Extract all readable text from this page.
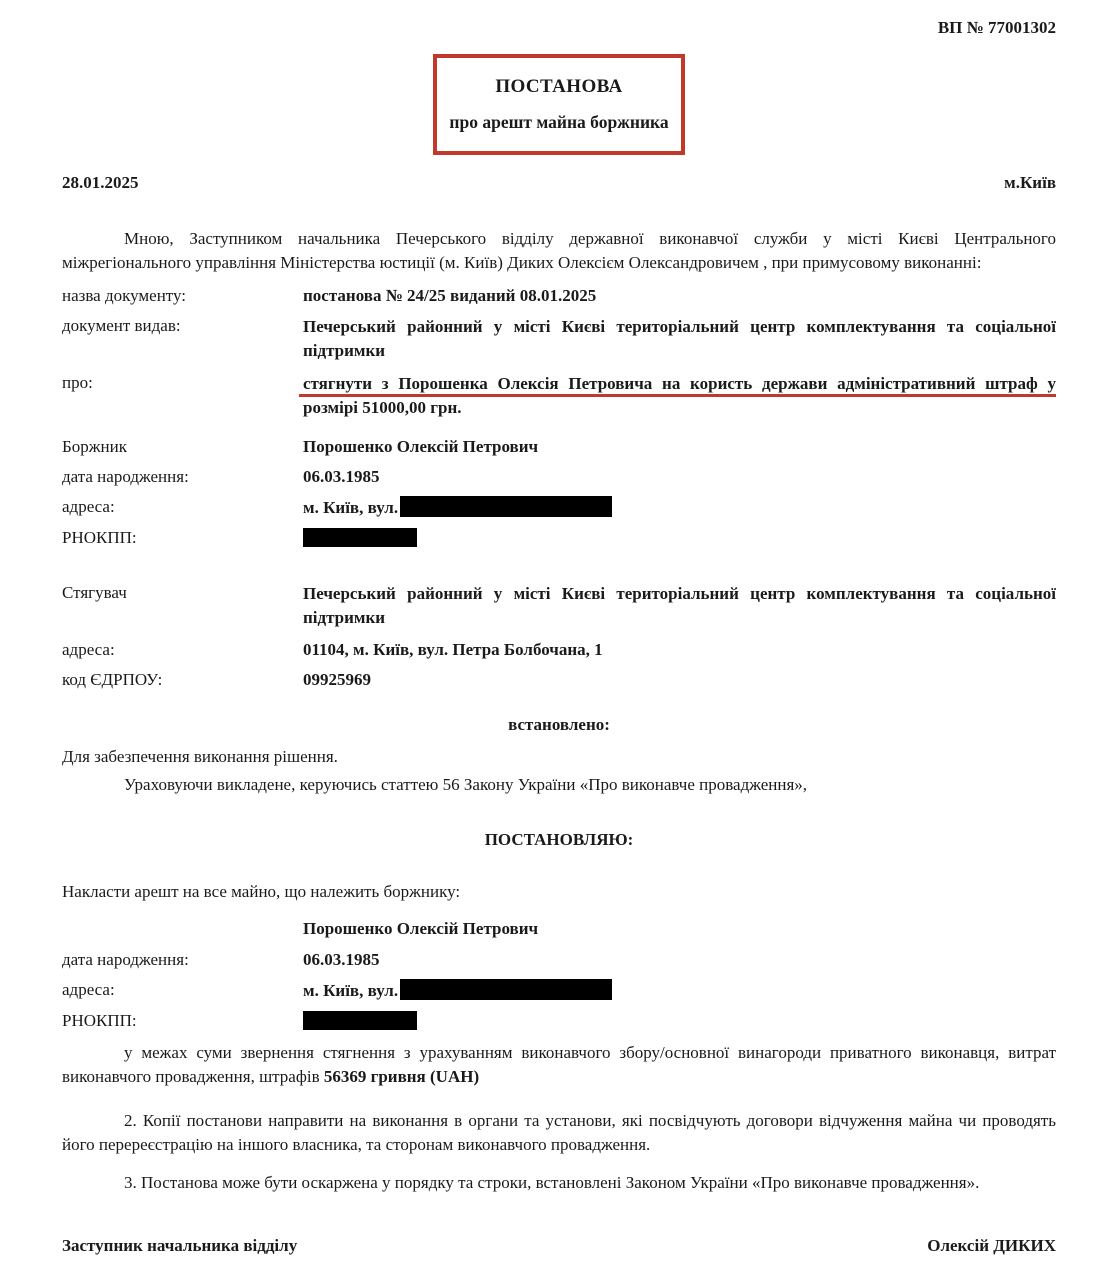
ВП № 77001302
ПОСТАНОВА
про арешт майна боржника
28.01.2025	м.Київ
Мною, Заступником начальника Печерського відділу державної виконавчої служби у місті Києві Центрального міжрегіонального управління Міністерства юстиції (м. Київ) Диких Олексієм Олександровичем , при примусовому виконанні:
назва документу:	постанова № 24/25 виданий 08.01.2025
документ видав:	Печерський районний у місті Києві територіальний центр комплектування та соціальної підтримки
про:	стягнути з Порошенка Олексія Петровича на користь держави адміністративний штраф у розмірі 51000,00 грн.
Боржник	Порошенко Олексій Петрович
дата народження:	06.03.1985
адреса:	м. Київ, вул.
РНОКПП:
Стягувач	Печерський районний у місті Києві територіальний центр комплектування та соціальної підтримки
адреса:	01104, м. Київ, вул. Петра Болбочана, 1
код ЄДРПОУ:	09925969
встановлено:
Для забезпечення виконання рішення.
Ураховуючи викладене, керуючись статтею 56 Закону України «Про виконавче провадження»,
ПОСТАНОВЛЯЮ:
Накласти арешт на все майно, що належить боржнику:
Порошенко Олексій Петрович
дата народження:	06.03.1985
адреса:	м. Київ, вул.
РНОКПП:
у межах суми звернення стягнення з урахуванням виконавчого збору/основної винагороди приватного виконавця, витрат виконавчого провадження, штрафів 56369 гривня (UAH)
2. Копії постанови направити на виконання в органи та установи, які посвідчують договори відчуження майна чи проводять його перереєстрацію на іншого власника, та сторонам виконавчого провадження.
3. Постанова може бути оскаржена у порядку та строки, встановлені Законом України «Про виконавче провадження».
Заступник начальника відділу	Олексій ДИКИХ
